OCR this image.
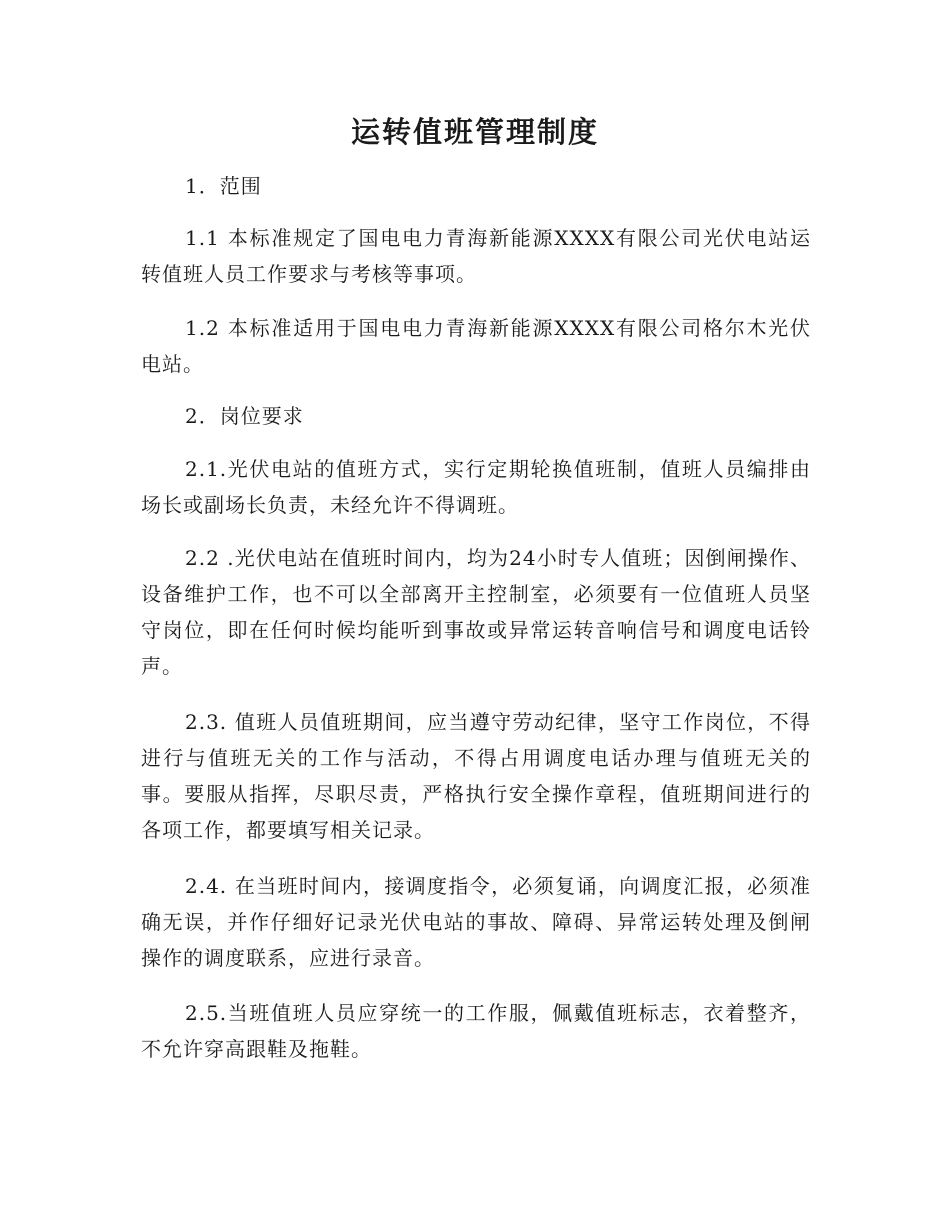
运转值班管理制度

1．范围

1.1 本标准规定了国电电力青海新能源XXXX有限公司光伏电站运转值班人员工作要求与考核等事项。

1.2 本标准适用于国电电力青海新能源XXXX有限公司格尔木光伏电站。

2．岗位要求

2.1.光伏电站的值班方式，实行定期轮换值班制，值班人员编排由场长或副场长负责，未经允许不得调班。

2.2 .光伏电站在值班时间内，均为24小时专人值班；因倒闸操作、设备维护工作，也不可以全部离开主控制室，必须要有一位值班人员坚守岗位，即在任何时候均能听到事故或异常运转音响信号和调度电话铃声。

2.3. 值班人员值班期间，应当遵守劳动纪律，坚守工作岗位，不得进行与值班无关的工作与活动，不得占用调度电话办理与值班无关的事。要服从指挥，尽职尽责，严格执行安全操作章程，值班期间进行的各项工作，都要填写相关记录。

2.4. 在当班时间内，接调度指令，必须复诵，向调度汇报，必须准确无误，并作仔细好记录光伏电站的事故、障碍、异常运转处理及倒闸操作的调度联系，应进行录音。

2.5.当班值班人员应穿统一的工作服，佩戴值班标志，衣着整齐，不允许穿高跟鞋及拖鞋。
